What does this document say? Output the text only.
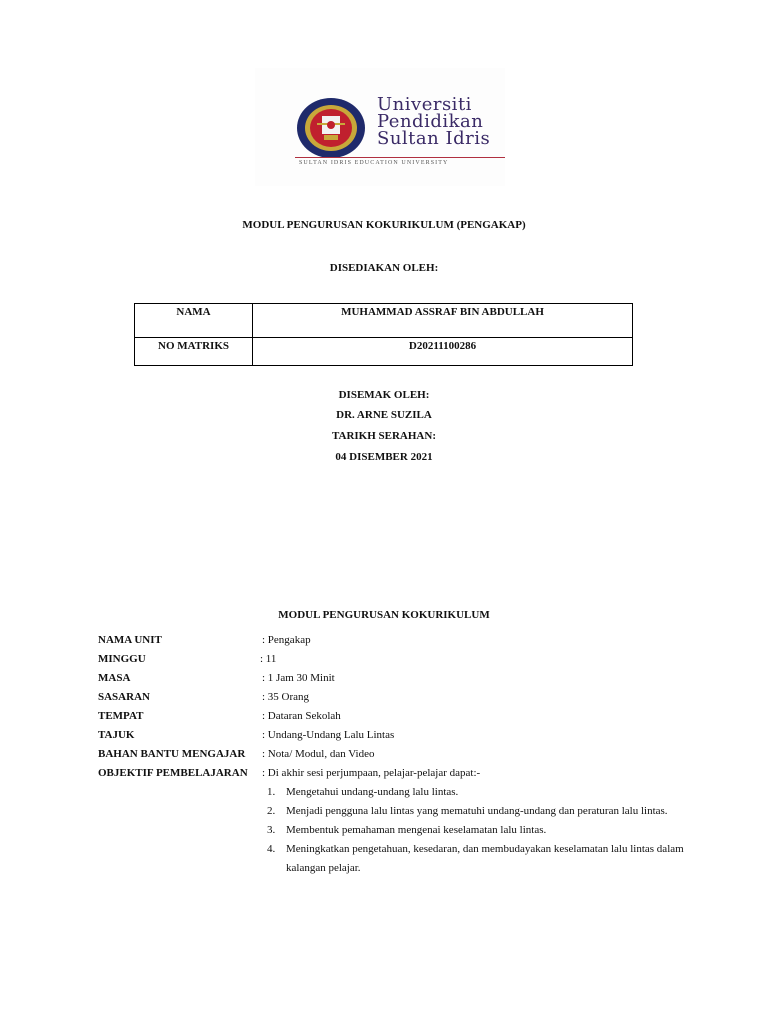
Universiti
Pendidikan
Sultan Idris
SULTAN IDRIS EDUCATION UNIVERSITY
MODUL PENGURUSAN KOKURIKULUM (PENGAKAP)
DISEDIAKAN OLEH:
NAMA	MUHAMMAD ASSRAF BIN ABDULLAH
NO MATRIKS	D20211100286
DISEMAK OLEH:
DR. ARNE SUZILA
TARIKH SERAHAN:
04 DISEMBER 2021
MODUL PENGURUSAN KOKURIKULUM
NAMA UNIT	: Pengakap
MINGGU	: 11
MASA	: 1 Jam 30 Minit
SASARAN	: 35 Orang
TEMPAT	: Dataran Sekolah
TAJUK	: Undang-Undang Lalu Lintas
BAHAN BANTU MENGAJAR : Nota/ Modul, dan Video
OBJEKTIF PEMBELAJARAN : Di akhir sesi perjumpaan, pelajar-pelajar dapat:-
1. Mengetahui undang-undang lalu lintas.
2. Menjadi pengguna lalu lintas yang mematuhi undang-undang dan peraturan lalu lintas.
3. Membentuk pemahaman mengenai keselamatan lalu lintas.
4. Meningkatkan pengetahuan, kesedaran, dan membudayakan keselamatan lalu lintas dalam
kalangan pelajar.
